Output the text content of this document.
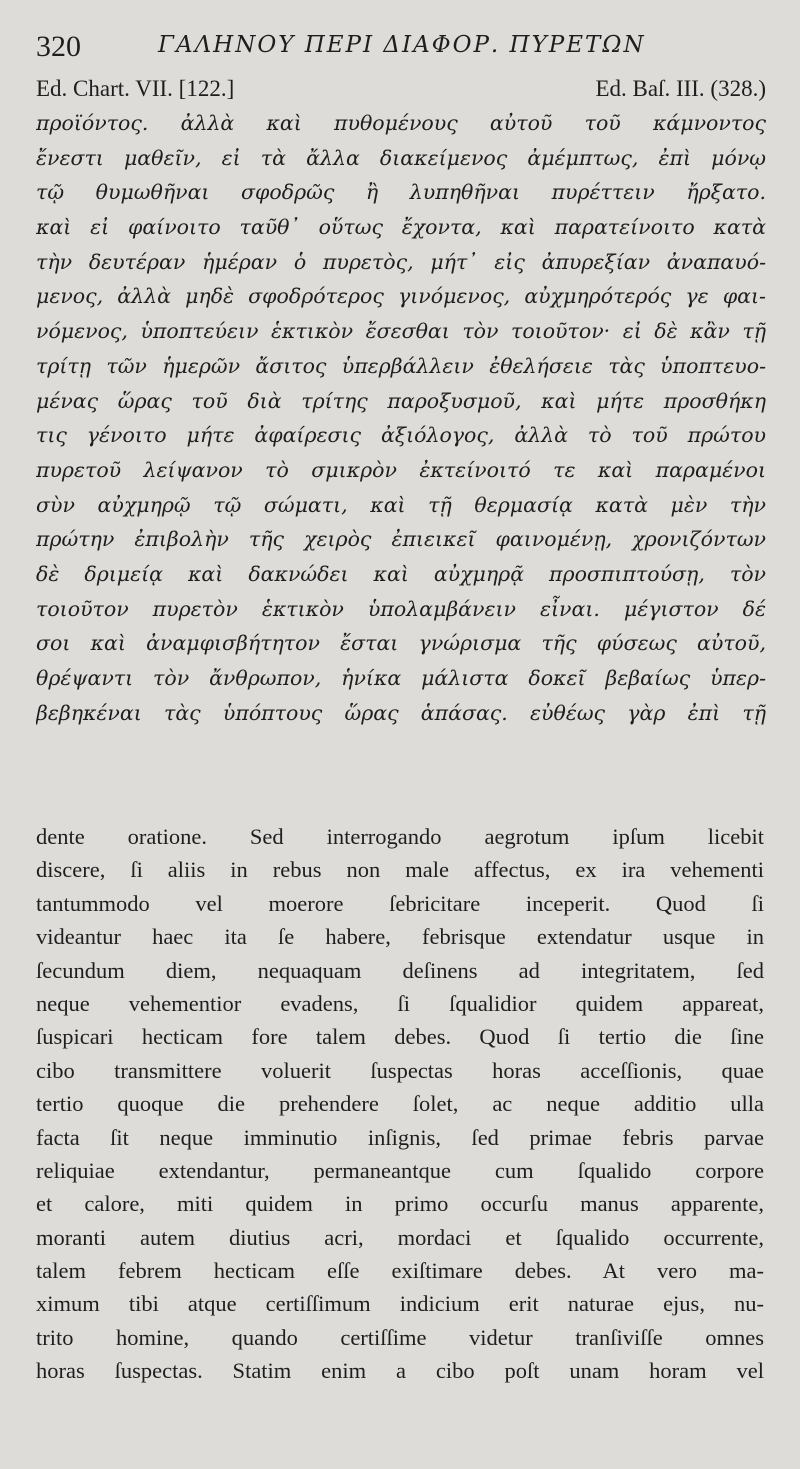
320	ΓΑΛΗΝΟΥ ΠΕΡΙ ΔΙΑΦΟΡ. ΠΥΡΕΤΩΝ
Ed. Chart. VII. [122.]	Ed. Baſ. III. (328.)
προϊόντος. ἀλλὰ καὶ πυθομένους αὐτοῦ τοῦ κάμνοντος
ἔνεστι μαθεῖν, εἰ τὰ ἄλλα διακείμενος ἀμέμπτως, ἐπὶ μόνῳ
τῷ θυμωθῆναι σφοδρῶς ἢ λυπηθῆναι πυρέττειν ἤρξατο.
καὶ εἰ φαίνοιτο ταῦθ᾽ οὕτως ἔχοντα, καὶ παρατείνοιτο κατὰ
τὴν δευτέραν ἡμέραν ὁ πυρετὸς, μήτ᾽ εἰς ἀπυρεξίαν ἀναπαυό-
μενος, ἀλλὰ μηδὲ σφοδρότερος γινόμενος, αὐχμηρότερός γε φαι-
νόμενος, ὑποπτεύειν ἑκτικὸν ἔσεσθαι τὸν τοιοῦτον· εἰ δὲ κἂν τῇ
τρίτῃ τῶν ἡμερῶν ἄσιτος ὑπερβάλλειν ἐθελήσειε τὰς ὑποπτευο-
μένας ὥρας τοῦ διὰ τρίτης παροξυσμοῦ, καὶ μήτε προσθήκη
τις γένοιτο μήτε ἀφαίρεσις ἀξιόλογος, ἀλλὰ τὸ τοῦ πρώτου
πυρετοῦ λείψανον τὸ σμικρὸν ἐκτείνοιτό τε καὶ παραμένοι
σὺν αὐχμηρῷ τῷ σώματι, καὶ τῇ θερμασίᾳ κατὰ μὲν τὴν
πρώτην ἐπιβολὴν τῆς χειρὸς ἐπιεικεῖ φαινομένῃ, χρονιζόντων
δὲ δριμείᾳ καὶ δακνώδει καὶ αὐχμηρᾷ προσπιπτούσῃ, τὸν
τοιοῦτον πυρετὸν ἑκτικὸν ὑπολαμβάνειν εἶναι. μέγιστον δέ
σοι καὶ ἀναμφισβήτητον ἔσται γνώρισμα τῆς φύσεως αὐτοῦ,
θρέψαντι τὸν ἄνθρωπον, ἡνίκα μάλιστα δοκεῖ βεβαίως ὑπερ-
βεβηκέναι τὰς ὑπόπτους ὥρας ἁπάσας. εὐθέως γὰρ ἐπὶ τῇ
dente oratione. Sed interrogando aegrotum ipſum licebit
discere, ſi aliis in rebus non male affectus, ex ira vehementi
tantummodo vel moerore ſebricitare inceperit. Quod ſi
videantur haec ita ſe habere, febrisque extendatur usque in
ſecundum diem, nequaquam deſinens ad integritatem, ſed
neque vehementior evadens, ſi ſqualidior quidem appareat,
ſuspicari hecticam fore talem debes. Quod ſi tertio die ſine
cibo transmittere voluerit ſuspectas horas acceſſionis, quae
tertio quoque die prehendere ſolet, ac neque additio ulla
facta ſit neque imminutio inſignis, ſed primae febris parvae
reliquiae extendantur, permaneantque cum ſqualido corpore
et calore, miti quidem in primo occurſu manus apparente,
moranti autem diutius acri, mordaci et ſqualido occurrente,
talem febrem hecticam eſſe exiſtimare debes. At vero ma-
ximum tibi atque certiſſimum indicium erit naturae ejus, nu-
trito homine, quando certiſſime videtur tranſiviſſe omnes
horas ſuspectas. Statim enim a cibo poſt unam horam vel
